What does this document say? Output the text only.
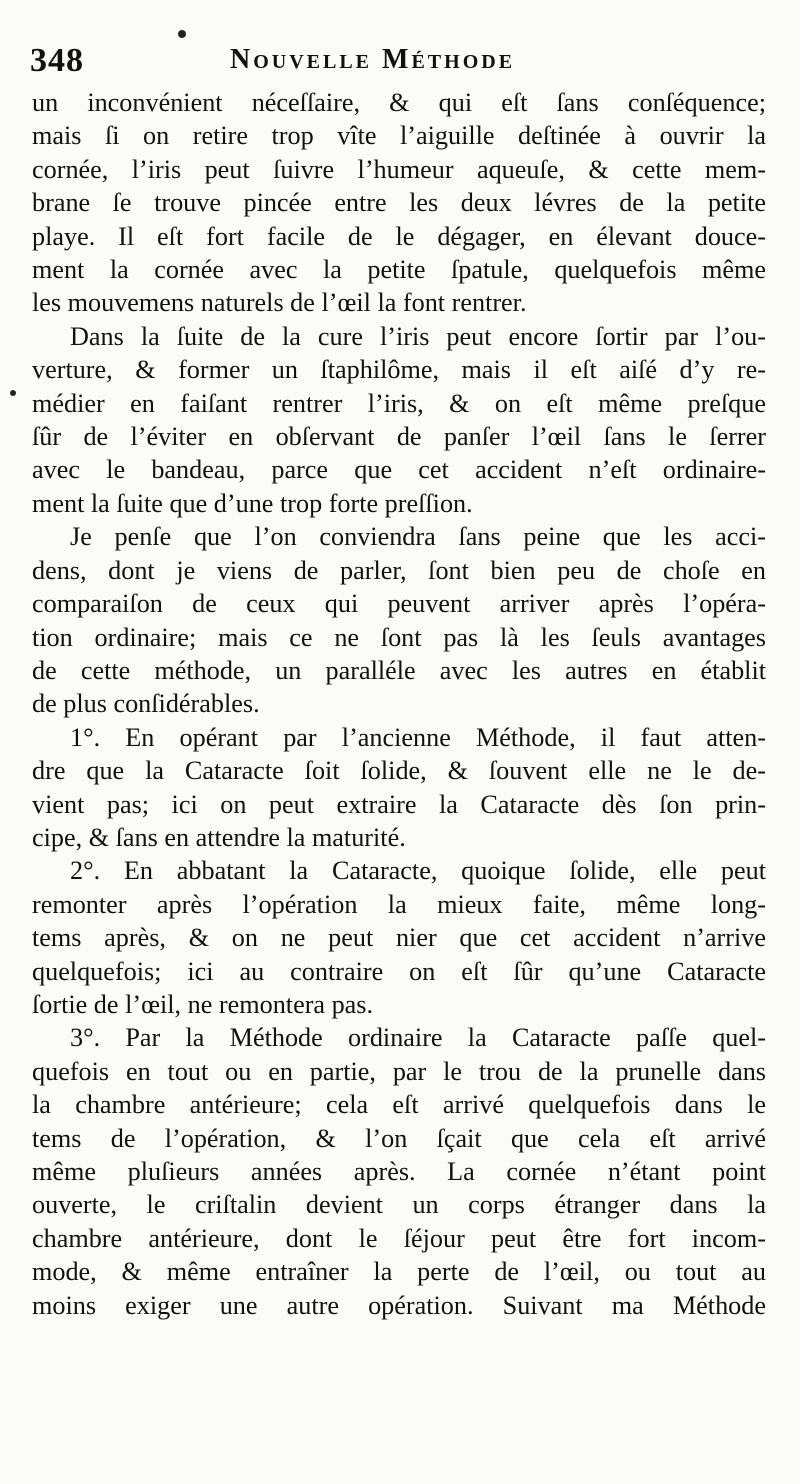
348	Nouvelle Méthode
un inconvénient néceſſaire, & qui eſt ſans conſéquence;
mais ſi on retire trop vîte l’aiguille deſtinée à ouvrir la
cornée, l’iris peut ſuivre l’humeur aqueuſe, & cette mem-
brane ſe trouve pincée entre les deux lévres de la petite
playe. Il eſt fort facile de le dégager, en élevant douce-
ment la cornée avec la petite ſpatule, quelquefois même
les mouvemens naturels de l’œil la font rentrer.
Dans la ſuite de la cure l’iris peut encore ſortir par l’ou-
verture, & former un ſtaphilôme, mais il eſt aiſé d’y re-
médier en faiſant rentrer l’iris, & on eſt même preſque
ſûr de l’éviter en obſervant de panſer l’œil ſans le ſerrer
avec le bandeau, parce que cet accident n’eſt ordinaire-
ment la ſuite que d’une trop forte preſſion.
Je penſe que l’on conviendra ſans peine que les acci-
dens, dont je viens de parler, ſont bien peu de choſe en
comparaiſon de ceux qui peuvent arriver après l’opéra-
tion ordinaire; mais ce ne ſont pas là les ſeuls avantages
de cette méthode, un paralléle avec les autres en établit
de plus conſidérables.
1°. En opérant par l’ancienne Méthode, il faut atten-
dre que la Cataracte ſoit ſolide, & ſouvent elle ne le de-
vient pas; ici on peut extraire la Cataracte dès ſon prin-
cipe, & ſans en attendre la maturité.
2°. En abbatant la Cataracte, quoique ſolide, elle peut
remonter après l’opération la mieux faite, même long-
tems après, & on ne peut nier que cet accident n’arrive
quelquefois; ici au contraire on eſt ſûr qu’une Cataracte
ſortie de l’œil, ne remontera pas.
3°. Par la Méthode ordinaire la Cataracte paſſe quel-
quefois en tout ou en partie, par le trou de la prunelle dans
la chambre antérieure; cela eſt arrivé quelquefois dans le
tems de l’opération, & l’on ſçait que cela eſt arrivé
même pluſieurs années après. La cornée n’étant point
ouverte, le criſtalin devient un corps étranger dans la
chambre antérieure, dont le ſéjour peut être fort incom-
mode, & même entraîner la perte de l’œil, ou tout au
moins exiger une autre opération. Suivant ma Méthode
